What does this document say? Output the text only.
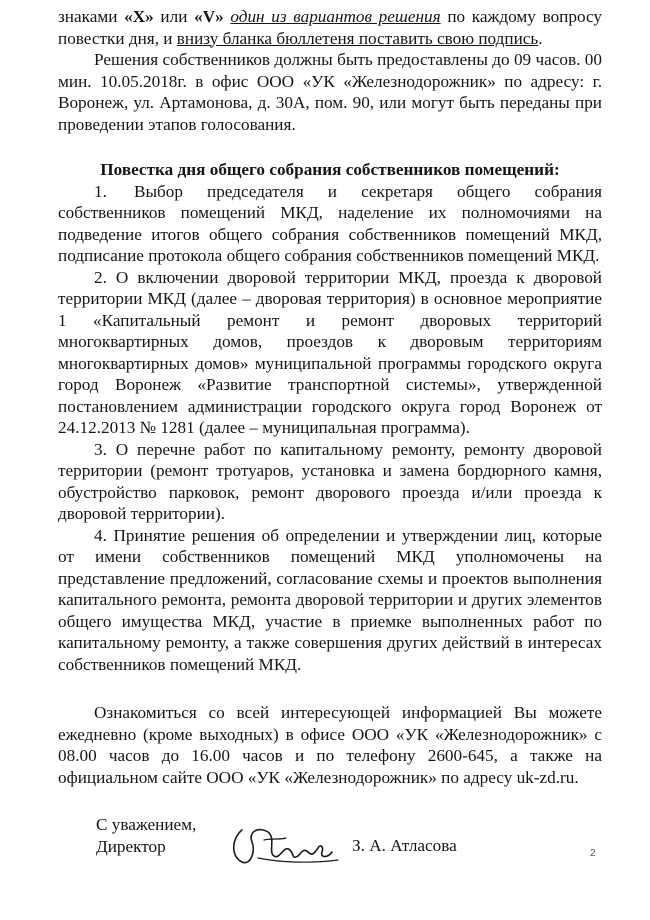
знаками «X» или «V» один из вариантов решения по каждому вопросу повестки дня, и внизу бланка бюллетеня поставить свою подпись.

Решения собственников должны быть предоставлены до 09 часов. 00 мин. 10.05.2018г. в офис ООО «УК «Железнодорожник» по адресу: г. Воронеж, ул. Артамонова, д. 30А, пом. 90, или могут быть переданы при проведении этапов голосования.

Повестка дня общего собрания собственников помещений:

1. Выбор председателя и секретаря общего собрания собственников помещений МКД, наделение их полномочиями на подведение итогов общего собрания собственников помещений МКД, подписание протокола общего собрания собственников помещений МКД.

2. О включении дворовой территории МКД, проезда к дворовой территории МКД (далее – дворовая территория) в основное мероприятие 1 «Капитальный ремонт и ремонт дворовых территорий многоквартирных домов, проездов к дворовым территориям многоквартирных домов» муниципальной программы городского округа город Воронеж «Развитие транспортной системы», утвержденной постановлением администрации городского округа город Воронеж от 24.12.2013 № 1281 (далее – муниципальная программа).

3. О перечне работ по капитальному ремонту, ремонту дворовой территории (ремонт тротуаров, установка и замена бордюрного камня, обустройство парковок, ремонт дворового проезда и/или проезда к дворовой территории).

4. Принятие решения об определении и утверждении лиц, которые от имени собственников помещений МКД уполномочены на представление предложений, согласование схемы и проектов выполнения капитального ремонта, ремонта дворовой территории и других элементов общего имущества МКД, участие в приемке выполненных работ по капитальному ремонту, а также совершения других действий в интересах собственников помещений МКД.

Ознакомиться со всей интересующей информацией Вы можете ежедневно (кроме выходных) в офисе ООО «УК «Железнодорожник» с 08.00 часов до 16.00 часов и по телефону 2600-645, а также на официальном сайте ООО «УК «Железнодорожник» по адресу uk-zd.ru.

С уважением,
Директор	З. А. Атласова	2
